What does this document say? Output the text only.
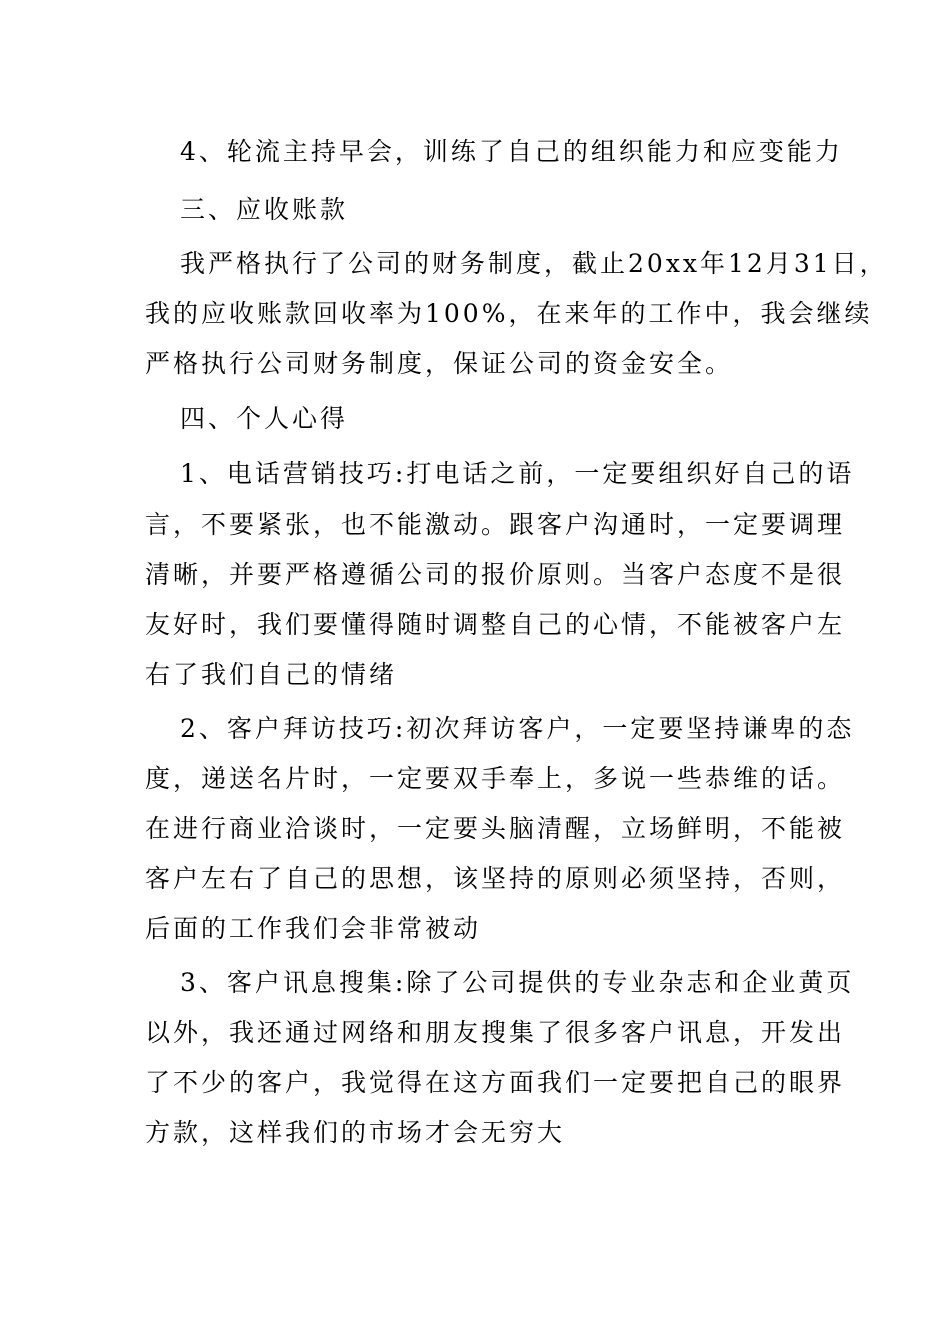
4、轮流主持早会，训练了自己的组织能力和应变能力
三、应收账款
我严格执行了公司的财务制度，截止20xx年12月31日，
我的应收账款回收率为100%，在来年的工作中，我会继续
严格执行公司财务制度，保证公司的资金安全。
四、个人心得
1、电话营销技巧:打电话之前，一定要组织好自己的语
言，不要紧张，也不能激动。跟客户沟通时，一定要调理
清晰，并要严格遵循公司的报价原则。当客户态度不是很
友好时，我们要懂得随时调整自己的心情，不能被客户左
右了我们自己的情绪
2、客户拜访技巧:初次拜访客户，一定要坚持谦卑的态
度，递送名片时，一定要双手奉上，多说一些恭维的话。
在进行商业洽谈时，一定要头脑清醒，立场鲜明，不能被
客户左右了自己的思想，该坚持的原则必须坚持，否则，
后面的工作我们会非常被动
3、客户讯息搜集:除了公司提供的专业杂志和企业黄页
以外，我还通过网络和朋友搜集了很多客户讯息，开发出
了不少的客户，我觉得在这方面我们一定要把自己的眼界
方款，这样我们的市场才会无穷大
